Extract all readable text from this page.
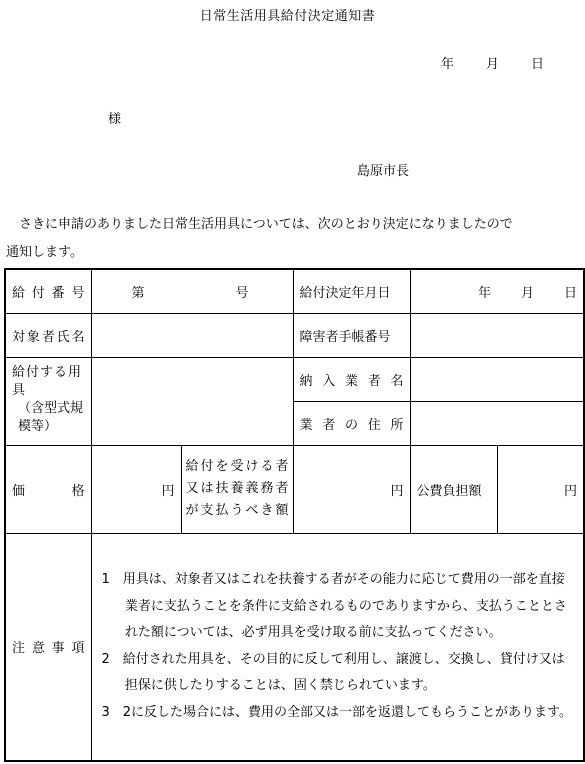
日常生活用具給付決定通知書
年 月 日
様
島原市長
　さきに申請のありました日常生活用具については、次のとおり決定になりましたので
通知します。
給付番号	第 号		給付決定年月日	年 月 日	

対象者氏名			障害者手帳番号		

給付する用具
（含型式規模等）			納入業者名		
			業者の住所		
価格	円	給付を受ける者
又は扶養義務者
が支払うべき額	円	公費負担額	円
注意事項	1　用具は、対象者又はこれを扶養する者がその能力に応じて費用の一部を直接業者に支払うことを条件に支給されるものでありますから、支払うこととされた額については、必ず用具を受け取る前に支払ってください。

2　給付された用具を、その目的に反して利用し、譲渡し、交換し、貸付け又は担保に供したりすることは、固く禁じられています。

3　2に反した場合には、費用の全部又は一部を返還してもらうことがあります。				
